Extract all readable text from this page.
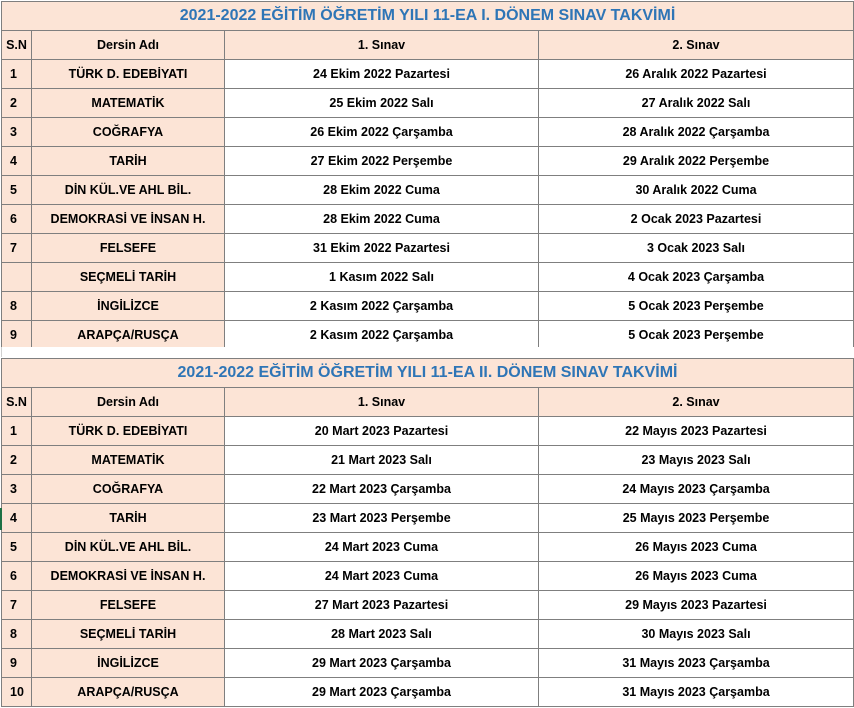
2021-2022 EĞİTİM ÖĞRETİM YILI 11-EA I. DÖNEM SINAV TAKVİMİ			
S.N	Dersin Adı	1. Sınav	2. Sınav
1	TÜRK D. EDEBİYATI	24 Ekim 2022 Pazartesi	26 Aralık 2022 Pazartesi
2	MATEMATİK	25 Ekim 2022 Salı	27 Aralık 2022 Salı
3	COĞRAFYA	26 Ekim 2022 Çarşamba	28 Aralık 2022 Çarşamba
4	TARİH	27 Ekim 2022 Perşembe	29 Aralık 2022 Perşembe
5	DİN KÜL.VE AHL BİL.	28 Ekim 2022 Cuma	30 Aralık 2022 Cuma
6	DEMOKRASİ VE İNSAN H.	28 Ekim 2022 Cuma	2 Ocak 2023 Pazartesi
7	FELSEFE	31 Ekim 2022 Pazartesi	3 Ocak 2023 Salı
	SEÇMELİ TARİH	1 Kasım 2022 Salı	4 Ocak 2023 Çarşamba
8	İNGİLİZCE	2 Kasım 2022 Çarşamba	5 Ocak 2023 Perşembe
9	ARAPÇA/RUSÇA	2 Kasım 2022 Çarşamba	5 Ocak 2023 Perşembe
2021-2022 EĞİTİM ÖĞRETİM YILI 11-EA II. DÖNEM SINAV TAKVİMİ			
S.N	Dersin Adı	1. Sınav	2. Sınav
1	TÜRK D. EDEBİYATI	20 Mart 2023 Pazartesi	22 Mayıs 2023 Pazartesi
2	MATEMATİK	21 Mart 2023 Salı	23 Mayıs 2023 Salı
3	COĞRAFYA	22 Mart 2023 Çarşamba	24 Mayıs 2023 Çarşamba
4	TARİH	23 Mart 2023 Perşembe	25 Mayıs 2023 Perşembe
5	DİN KÜL.VE AHL BİL.	24 Mart 2023 Cuma	26 Mayıs 2023 Cuma
6	DEMOKRASİ VE İNSAN H.	24 Mart 2023 Cuma	26 Mayıs 2023 Cuma
7	FELSEFE	27 Mart 2023 Pazartesi	29 Mayıs 2023 Pazartesi
8	SEÇMELİ TARİH	28 Mart 2023 Salı	30 Mayıs 2023 Salı
9	İNGİLİZCE	29 Mart 2023 Çarşamba	31 Mayıs 2023 Çarşamba
10	ARAPÇA/RUSÇA	29 Mart 2023 Çarşamba	31 Mayıs 2023 Çarşamba
